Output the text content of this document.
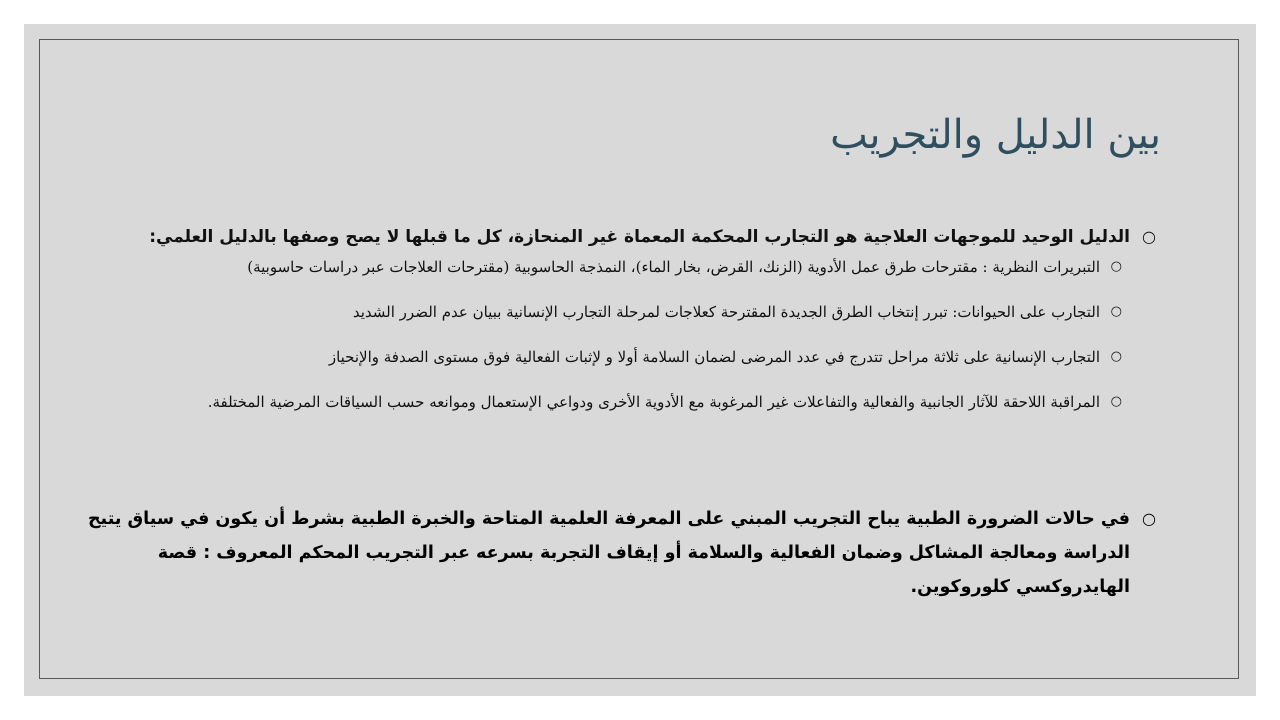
بين الدليل والتجريب

○
الدليل الوحيد للموجهات العلاجية هو التجارب المحكمة المعماة غير المنحازة، كل ما قبلها لا يصح وصفها بالدليل العلمي:

○
التبريرات النظرية : مقترحات طرق عمل الأدوية (الزنك، القرض، بخار الماء)، النمذجة الحاسوبية (مقترحات العلاجات عبر دراسات حاسوبية)
○
التجارب على الحيوانات: تبرر إنتخاب الطرق الجديدة المقترحة كعلاجات لمرحلة التجارب الإنسانية ببيان عدم الضرر الشديد
○
التجارب الإنسانية على ثلاثة مراحل تتدرج في عدد المرضى لضمان السلامة أولا و لإثبات الفعالية فوق مستوى الصدفة والإنحياز
○
المراقبة اللاحقة للآثار الجانبية والفعالية والتفاعلات غير المرغوبة مع الأدوية الأخرى ودواعي الإستعمال وموانعه حسب السياقات المرضية المختلفة.

○
في حالات الضرورة الطبية يباح التجريب المبني على المعرفة العلمية المتاحة والخبرة الطبية بشرط أن يكون في سياق يتيح الدراسة ومعالجة المشاكل وضمان الفعالية والسلامة أو إيقاف التجربة بسرعه عبر التجريب المحكم المعروف : قصة الهايدروكسي كلوروكوين.
